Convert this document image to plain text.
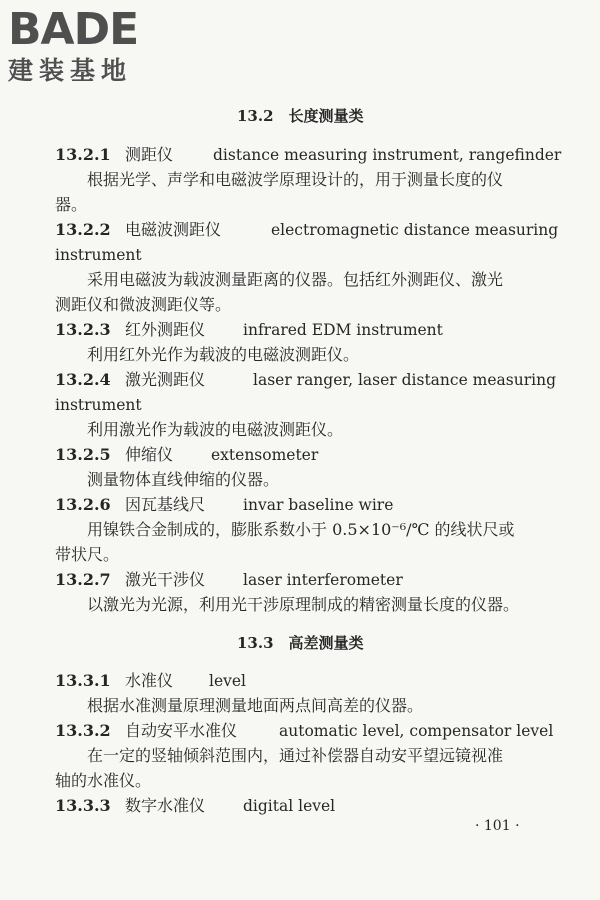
BADE
建装基地
13.2　长度测量类
13.2.1 测距仪	distance measuring instrument, rangefinder
根据光学、声学和电磁波学原理设计的，用于测量长度的仪
器。
13.2.2 电磁波测距仪	electromagnetic distance measuring
instrument
采用电磁波为载波测量距离的仪器。包括红外测距仪、激光
测距仪和微波测距仪等。
13.2.3 红外测距仪 infrared EDM instrument
利用红外光作为载波的电磁波测距仪。
13.2.4 激光测距仪	laser ranger, laser distance measuring
instrument
利用激光作为载波的电磁波测距仪。
13.2.5 伸缩仪 extensometer
测量物体直线伸缩的仪器。
13.2.6 因瓦基线尺 invar baseline wire
用镍铁合金制成的，膨胀系数小于 0.5×10⁻⁶/℃ 的线状尺或
带状尺。
13.2.7 激光干涉仪 laser interferometer
以激光为光源，利用光干涉原理制成的精密测量长度的仪器。
13.3　高差测量类
13.3.1 水准仪 level
根据水准测量原理测量地面两点间高差的仪器。
13.3.2 自动安平水准仪	automatic level, compensator level
在一定的竖轴倾斜范围内，通过补偿器自动安平望远镜视准
轴的水准仪。
13.3.3 数字水准仪 digital level
· 101 ·
